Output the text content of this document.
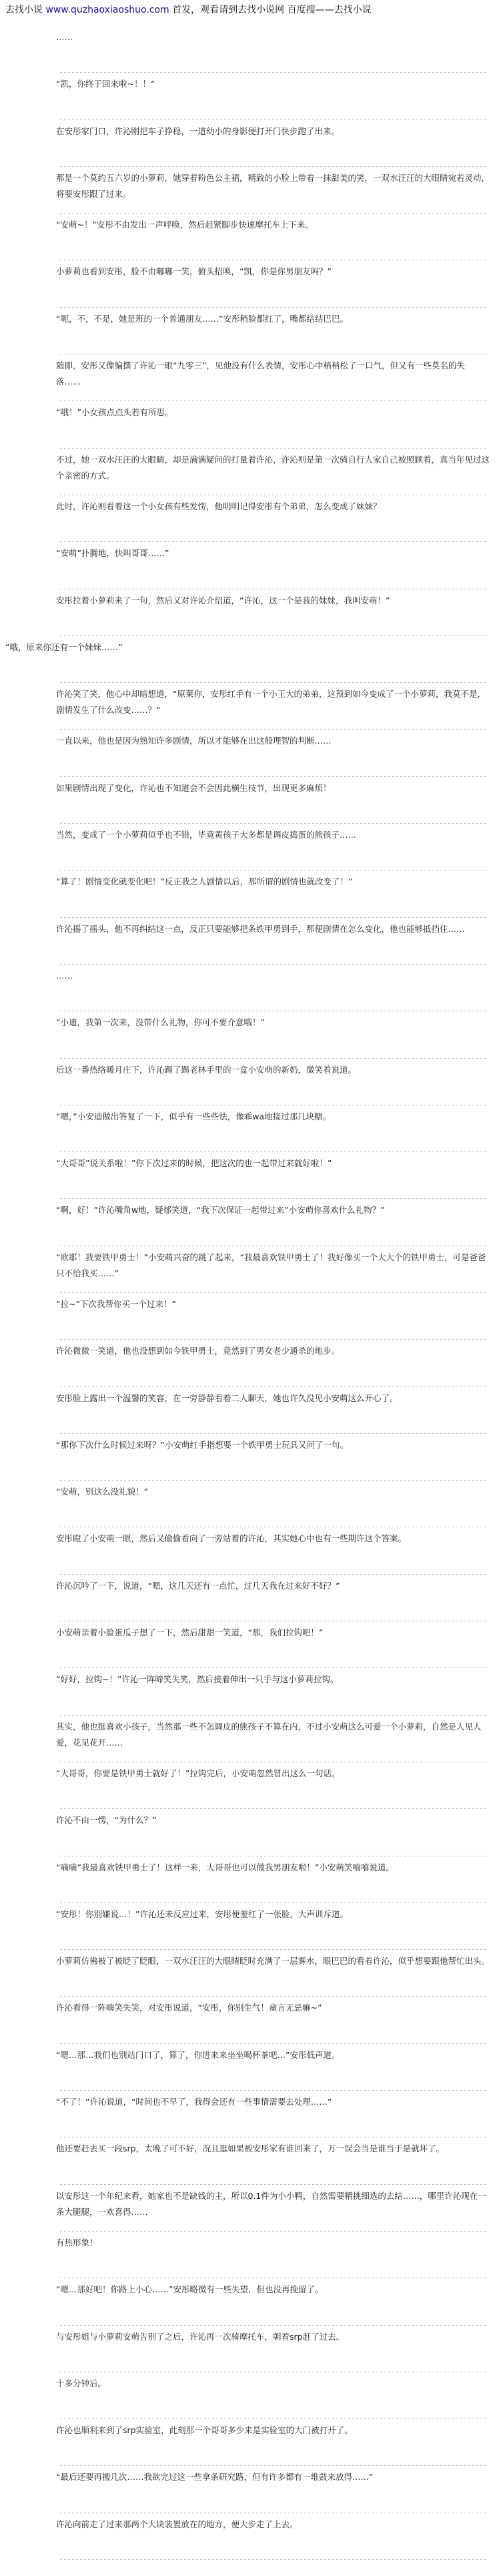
去找小说 www.quzhaoxiaoshuo.com 首发，观看请到去找小说网 百度搜——去找小说
……
“凯，你终于回来啦~！！”
在安彤家门口，许沁刚把车子挣稳，一道幼小的身影便打开门快步跑了出来。
那是一个莫约五六岁的小萝莉，她穿着粉色公主裙，精致的小脸上带着一抹甜美的笑，一双水汪汪的大眼睛宛若灵动，将要安彤跟了过来。
“安萌~！”安彤不由发出一声呼唤，然后赶紧脚步快速摩托车上下来。
小萝莉也看到安彤，脸不由嘟嘟一笑，俯头招唤，“凯，你是你男朋友吗？”
“呃，不，不是，她是班的一个普通朋友……”安彤稍脸都红了，嘴都结结巴巴。
随即，安彤又像编撰了许沁一眼“九零三”，见他没有什么表情，安彤心中稍稍松了一口气，但又有一些莫名的失落……
“哦！”小女孩点点头若有所思。
不过，她一双水汪汪的大眼睛，却是满满疑问的打量着许沁，许沁则是第一次骑自行人家自己被照顾着，真当年见过这个亲密的方式。
此时，许沁则看着这一个小女孩有些发愣，他明明记得安彤有个弟弟，怎么变成了妹妹？
“安萌”扑腾地，快叫哥哥……”
安彤拉着小萝莉来了一句，然后又对许沁介绍道，“许沁，这一个是我的妹妹，我叫安萌！”
“哦，原来你还有一个妹妹……”
许沁笑了笑，他心中却暗想道，“原莱你，安彤红手有一个小王大的弟弟，这预到如今变成了一个小萝莉，我莫不是，剧情发生了什么改变……？”
一直以来，他也是因为熟知许多剧情，所以才能够在出这般理智的判断……
如果剧情出现了变化，许沁也不知道会不会因此横生枝节，出现更多麻烦！
当然，变成了一个小萝莉似乎也不错，毕竟黄孩子大多都是调皮捣蛋的熊孩子……
“算了！剧情变化就变化吧！”反正我之人剧情以后，那所谓的剧情也就改变了！”
许沁摇了摇头，他不再纠结这一点，反正只要能够把条铁甲勇到手，那便剧情在怎么变化，他也能够抵挡住……
……
“小迪，我第一次来，没带什么礼物，你可不要介意哦！”
后这一番热络暖月庄下，许沁踢了踢老林手里的一盒小安萌的新奶，微笑着说道。
“嗯，”小安迪做出答复了一下，似乎有一些些怯，像乖wa地接过那几块糖。
“大哥哥”说关系啦！”你下次过来的时候，把这次的也一起带过来就好啦！”
“啊，好！”许沁嘴角w地，疑郁笑道，“我下次保证一起带过来”小安萌你喜欢什么礼物？”
“欧耶！我要铁甲勇士！”小安萌兴奋的跳了起来，“我最喜欢铁甲勇士了！我好像买一个大大个的铁甲勇士，可是爸爸只不给我买……”
“拉~”下次我帮你买一个过来！”
许沁微微一笑道，他也没想到如今铁甲勇士，竟然到了男女老少通杀的地步。
安彤脸上露出一个温馨的笑容，在一旁静静看着二人聊天，她也许久没见小安萌这么开心了。
“那你下次什么时候过来呀？”小安萌红手指想要一个铁甲勇士玩具又问了一句。
“安萌，别这么没礼貌！”
安彤瞪了小安萌一眼，然后又偷偷看向了一旁站着的许沁，其实她心中也有一些期许这个答案。
许沁沉吟了一下，说道，“嗯，这几天还有一点忙，过几天我在过来好不好？”
小安萌亲着小脸蛋瓜子想了一下，然后甜甜一笑道，“那，我们拉钩吧！”
“好好，拉钩~！”许沁一阵啼笑失笑，然后接着伸出一只手与这小萝莉拉钩。
其实，他也挺喜欢小孩子，当然那一些不怎调皮的熊孩子不算在内，不过小安萌这么可爱一个小萝莉，自然是人见人爱，花见花开……
“大哥哥，你要是铁甲勇士就好了！”拉钩完后，小安萌忽然冒出这么一句话。
许沁不由一愣，“为什么？”
“嘀嘀”我最喜欢铁甲勇士了！这样一来，大哥哥也可以做我男朋友啦！”小安萌笑嘻嘻说道。
“安彤！你别嫌说…！”许沁还未反应过来，安彤便羞红了一张脸，大声训斥道。
小萝莉仿佛被了被眨了眨眼，一双水汪汪的大眼睛眨时充满了一层雾水，眼巴巴的看着许沁，似乎想要跟他帮忙出头。
许沁看得一阵嗨笑失笑，对安彤说道，“安彤，你别生气！童言无忌嘛~”
“嗯…那…我们也别站门口了，算了，你进来来坐坐喝杯茶吧…”安彤低声道。
“不了！”许沁说道，“时间也不早了，我得会还有一些事情需要去处理……”
他还要赶去买一段srp，太晚了可不好，况且逛如果被安彤家有谁回来了，万一误会当是谁当于是就坏了。
以安彤这一个年纪来看，她家也不是缺钱的主，所以0.1件为小小鸭，自然需要精挑细选的去结……，哪里许沁现在一条大腿腿，一欢喜得……
有热形象！
“嗯…那好吧！你路上小心……”安彤略微有一些失望，但也没再挽留了。
与安彤姐与小萝莉安萌告别了之后，许沁再一次骑摩托车，朝着srp赶了过去。
十多分钟后。
许沁也顺利来到了srp实验室，此刻那一个哥哥多少来是实验室的大门被打开了。
“最后还要再搬几次……我欲完过这一些拿条研究路，但有许多都有一堆鼓来放得……”
许沁向前走了过来那两个大块装置放在的地方，便大步走了上去。
